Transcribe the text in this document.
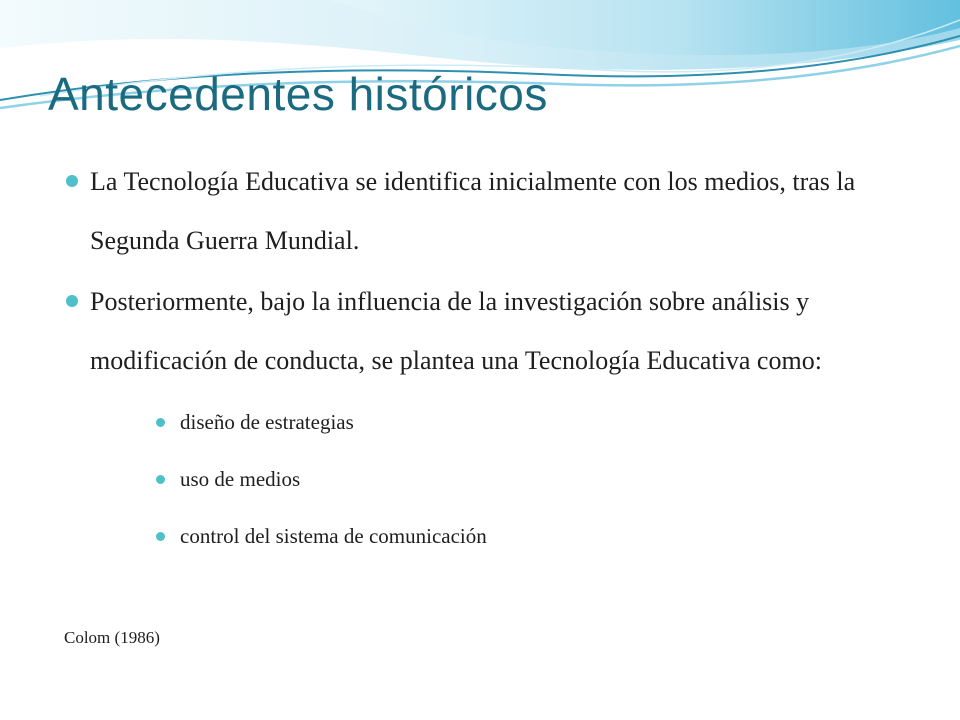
Antecedentes históricos
La Tecnología Educativa se identifica inicialmente con los medios, tras la Segunda Guerra Mundial.
Posteriormente, bajo la influencia de la investigación sobre análisis y modificación de conducta, se plantea una Tecnología Educativa como:
diseño de estrategias
uso de medios
control del sistema de comunicación

Colom (1986)
